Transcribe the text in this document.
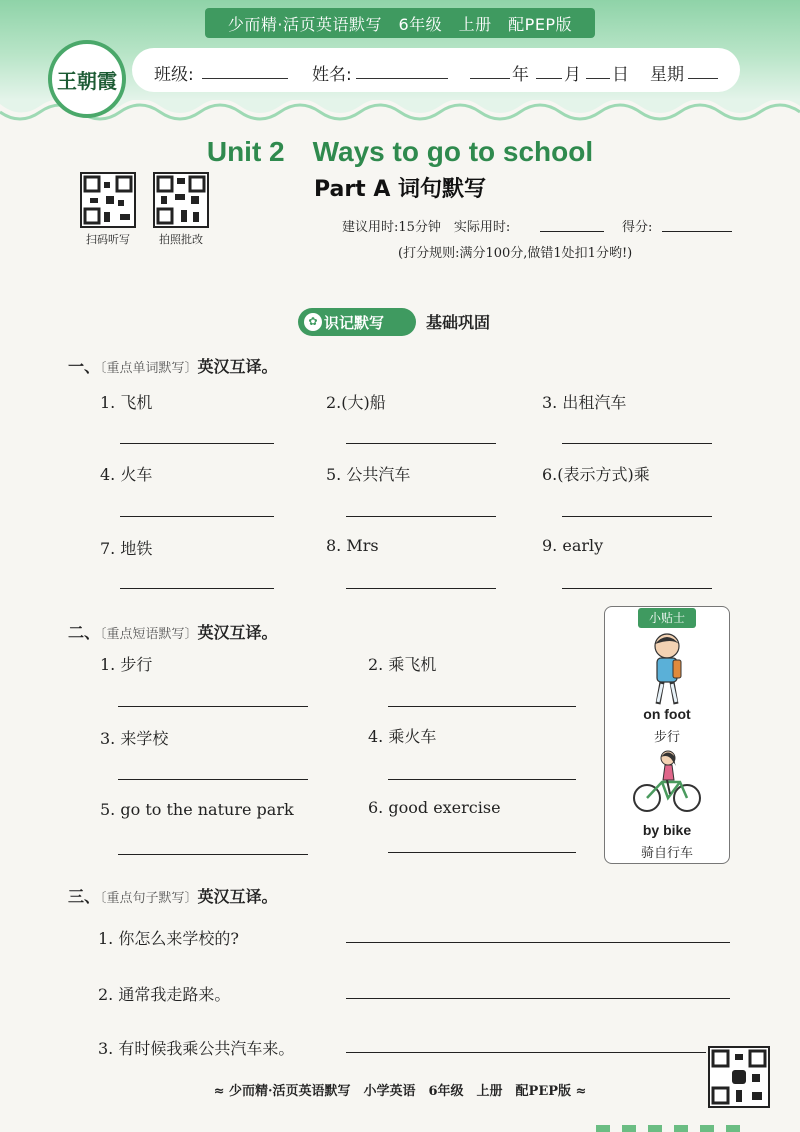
少而精·活页英语默写　6年级　上册　配PEP版
班级:	姓名:	年 月 日 星期
王朝霞
Unit 2　Ways to go to school
Part A 词句默写
扫码听写	拍照批改
建议用时:15分钟　实际用时:	得分:
(打分规则:满分100分,做错1处扣1分哟!)
✿ 识记默写	基础巩固
一、〔重点单词默写〕英汉互译。
1. 飞机	2.(大)船	3. 出租汽车
4. 火车	5. 公共汽车	6.(表示方式)乘
7. 地铁	8. Mrs	9. early
二、〔重点短语默写〕英汉互译。
1. 步行	2. 乘飞机
3. 来学校	4. 乘火车
5. go to the nature park	6. good exercise
小贴士
on foot
步行
by bike
骑自行车
三、〔重点句子默写〕英汉互译。
1. 你怎么来学校的?
2. 通常我走路来。
3. 有时候我乘公共汽车来。
≈ 少而精·活页英语默写　小学英语　6年级　上册　配PEP版 ≈
